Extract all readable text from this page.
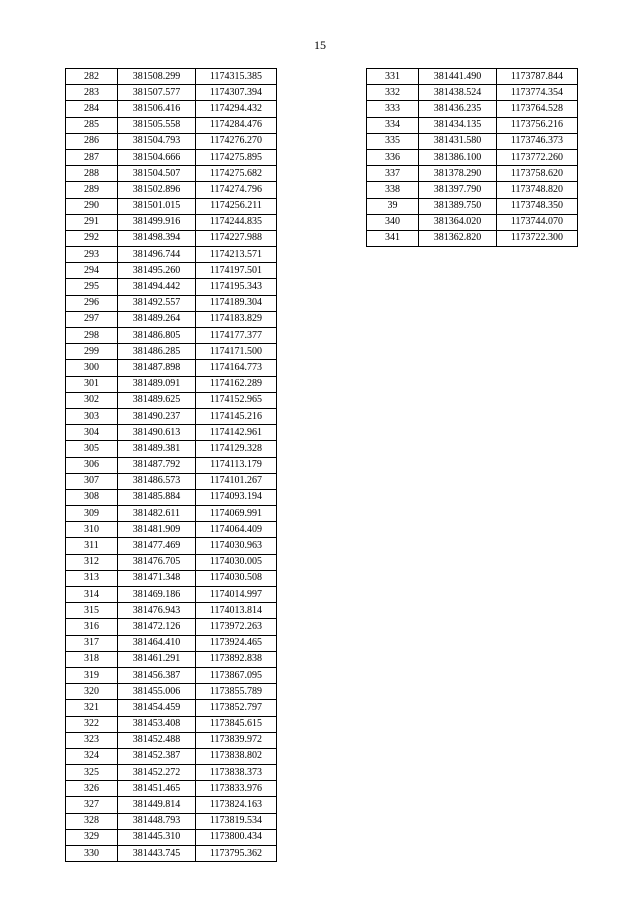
15
282	381508.299	1174315.385
283	381507.577	1174307.394
284	381506.416	1174294.432
285	381505.558	1174284.476
286	381504.793	1174276.270
287	381504.666	1174275.895
288	381504.507	1174275.682
289	381502.896	1174274.796
290	381501.015	1174256.211
291	381499.916	1174244.835
292	381498.394	1174227.988
293	381496.744	1174213.571
294	381495.260	1174197.501
295	381494.442	1174195.343
296	381492.557	1174189.304
297	381489.264	1174183.829
298	381486.805	1174177.377
299	381486.285	1174171.500
300	381487.898	1174164.773
301	381489.091	1174162.289
302	381489.625	1174152.965
303	381490.237	1174145.216
304	381490.613	1174142.961
305	381489.381	1174129.328
306	381487.792	1174113.179
307	381486.573	1174101.267
308	381485.884	1174093.194
309	381482.611	1174069.991
310	381481.909	1174064.409
311	381477.469	1174030.963
312	381476.705	1174030.005
313	381471.348	1174030.508
314	381469.186	1174014.997
315	381476.943	1174013.814
316	381472.126	1173972.263
317	381464.410	1173924.465
318	381461.291	1173892.838
319	381456.387	1173867.095
320	381455.006	1173855.789
321	381454.459	1173852.797
322	381453.408	1173845.615
323	381452.488	1173839.972
324	381452.387	1173838.802
325	381452.272	1173838.373
326	381451.465	1173833.976
327	381449.814	1173824.163
328	381448.793	1173819.534
329	381445.310	1173800.434
330	381443.745	1173795.362
331	381441.490	1173787.844
332	381438.524	1173774.354
333	381436.235	1173764.528
334	381434.135	1173756.216
335	381431.580	1173746.373
336	381386.100	1173772.260
337	381378.290	1173758.620
338	381397.790	1173748.820
39	381389.750	1173748.350
340	381364.020	1173744.070
341	381362.820	1173722.300
